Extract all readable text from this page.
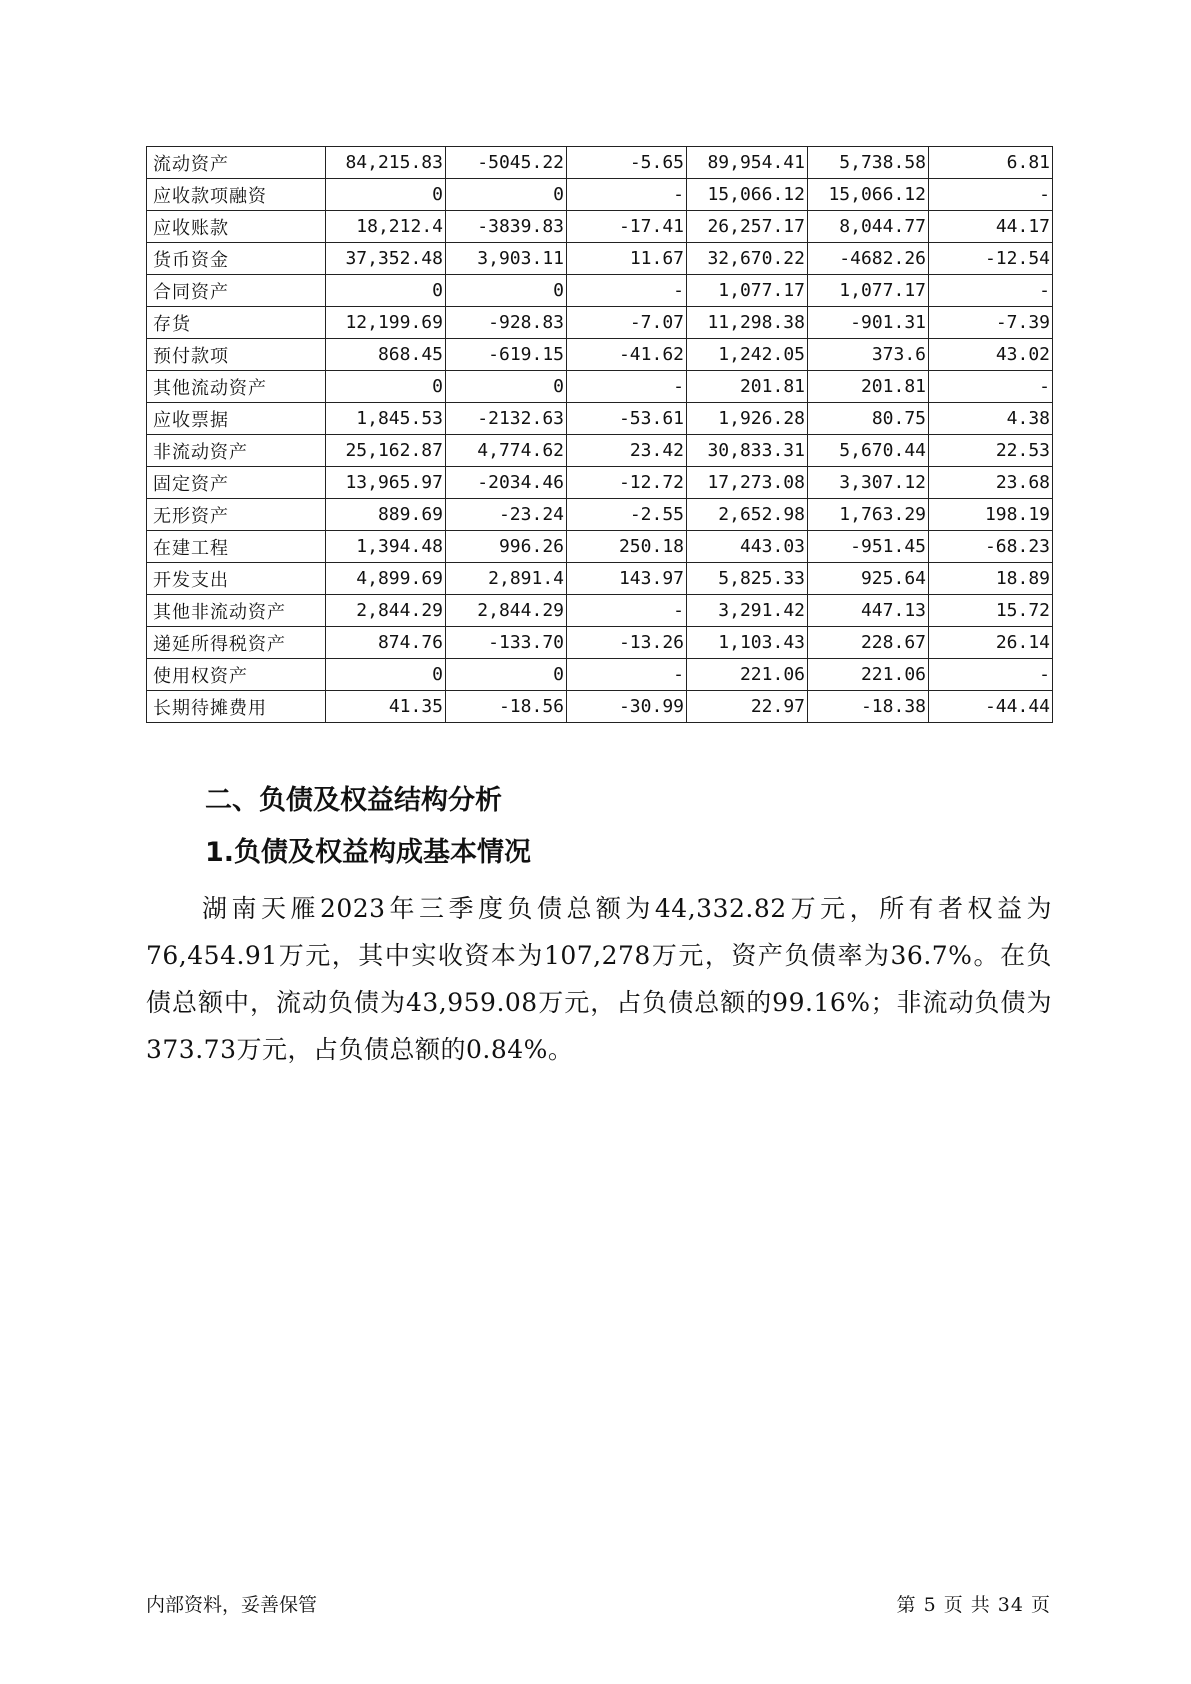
流动资产	84,215.83	-5045.22	-5.65	89,954.41	5,738.58	6.81
应收款项融资	0	0	-	15,066.12	15,066.12	-
应收账款	18,212.4	-3839.83	-17.41	26,257.17	8,044.77	44.17
货币资金	37,352.48	3,903.11	11.67	32,670.22	-4682.26	-12.54
合同资产	0	0	-	1,077.17	1,077.17	-
存货	12,199.69	-928.83	-7.07	11,298.38	-901.31	-7.39
预付款项	868.45	-619.15	-41.62	1,242.05	373.6	43.02
其他流动资产	0	0	-	201.81	201.81	-
应收票据	1,845.53	-2132.63	-53.61	1,926.28	80.75	4.38
非流动资产	25,162.87	4,774.62	23.42	30,833.31	5,670.44	22.53
固定资产	13,965.97	-2034.46	-12.72	17,273.08	3,307.12	23.68
无形资产	889.69	-23.24	-2.55	2,652.98	1,763.29	198.19
在建工程	1,394.48	996.26	250.18	443.03	-951.45	-68.23
开发支出	4,899.69	2,891.4	143.97	5,825.33	925.64	18.89
其他非流动资产	2,844.29	2,844.29	-	3,291.42	447.13	15.72
递延所得税资产	874.76	-133.70	-13.26	1,103.43	228.67	26.14
使用权资产	0	0	-	221.06	221.06	-
长期待摊费用	41.35	-18.56	-30.99	22.97	-18.38	-44.44
二、负债及权益结构分析
1.负债及权益构成基本情况

湖南天雁2023年三季度负债总额为44,332.82万元，所有者权益为76,454.91万元，其中实收资本为107,278万元，资产负债率为36.7%。在负债总额中，流动负债为43,959.08万元，占负债总额的99.16%；非流动负债为373.73万元，占负债总额的0.84%。

内部资料，妥善保管	第 5 页 共 34 页
